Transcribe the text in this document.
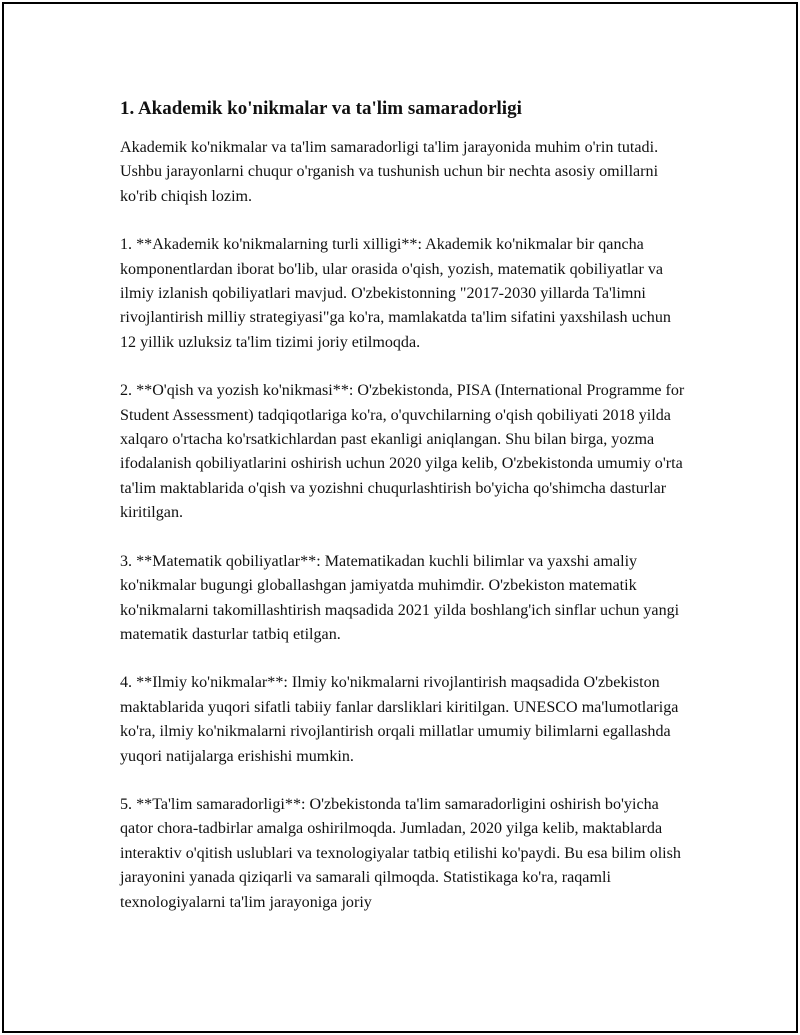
1. Akademik ko'nikmalar va ta'lim samaradorligi

Akademik ko'nikmalar va ta'lim samaradorligi ta'lim jarayonida muhim o'rin tutadi. Ushbu jarayonlarni chuqur o'rganish va tushunish uchun bir nechta asosiy omillarni ko'rib chiqish lozim.

1. **Akademik ko'nikmalarning turli xilligi**: Akademik ko'nikmalar bir qancha komponentlardan iborat bo'lib, ular orasida o'qish, yozish, matematik qobiliyatlar va ilmiy izlanish qobiliyatlari mavjud. O'zbekistonning "2017-2030 yillarda Ta'limni rivojlantirish milliy strategiyasi"ga ko'ra, mamlakatda ta'lim sifatini yaxshilash uchun 12 yillik uzluksiz ta'lim tizimi joriy etilmoqda.

2. **O'qish va yozish ko'nikmasi**: O'zbekistonda, PISA (International Programme for Student Assessment) tadqiqotlariga ko'ra, o'quvchilarning o'qish qobiliyati 2018 yilda xalqaro o'rtacha ko'rsatkichlardan past ekanligi aniqlangan. Shu bilan birga, yozma ifodalanish qobiliyatlarini oshirish uchun 2020 yilga kelib, O'zbekistonda umumiy o'rta ta'lim maktablarida o'qish va yozishni chuqurlashtirish bo'yicha qo'shimcha dasturlar kiritilgan.

3. **Matematik qobiliyatlar**: Matematikadan kuchli bilimlar va yaxshi amaliy ko'nikmalar bugungi globallashgan jamiyatda muhimdir. O'zbekiston matematik ko'nikmalarni takomillashtirish maqsadida 2021 yilda boshlang'ich sinflar uchun yangi matematik dasturlar tatbiq etilgan.

4. **Ilmiy ko'nikmalar**: Ilmiy ko'nikmalarni rivojlantirish maqsadida O'zbekiston maktablarida yuqori sifatli tabiiy fanlar darsliklari kiritilgan. UNESCO ma'lumotlariga ko'ra, ilmiy ko'nikmalarni rivojlantirish orqali millatlar umumiy bilimlarni egallashda yuqori natijalarga erishishi mumkin.

5. **Ta'lim samaradorligi**: O'zbekistonda ta'lim samaradorligini oshirish bo'yicha qator chora-tadbirlar amalga oshirilmoqda. Jumladan, 2020 yilga kelib, maktablarda interaktiv o'qitish uslublari va texnologiyalar tatbiq etilishi ko'paydi. Bu esa bilim olish jarayonini yanada qiziqarli va samarali qilmoqda. Statistikaga ko'ra, raqamli texnologiyalarni ta'lim jarayoniga joriy
